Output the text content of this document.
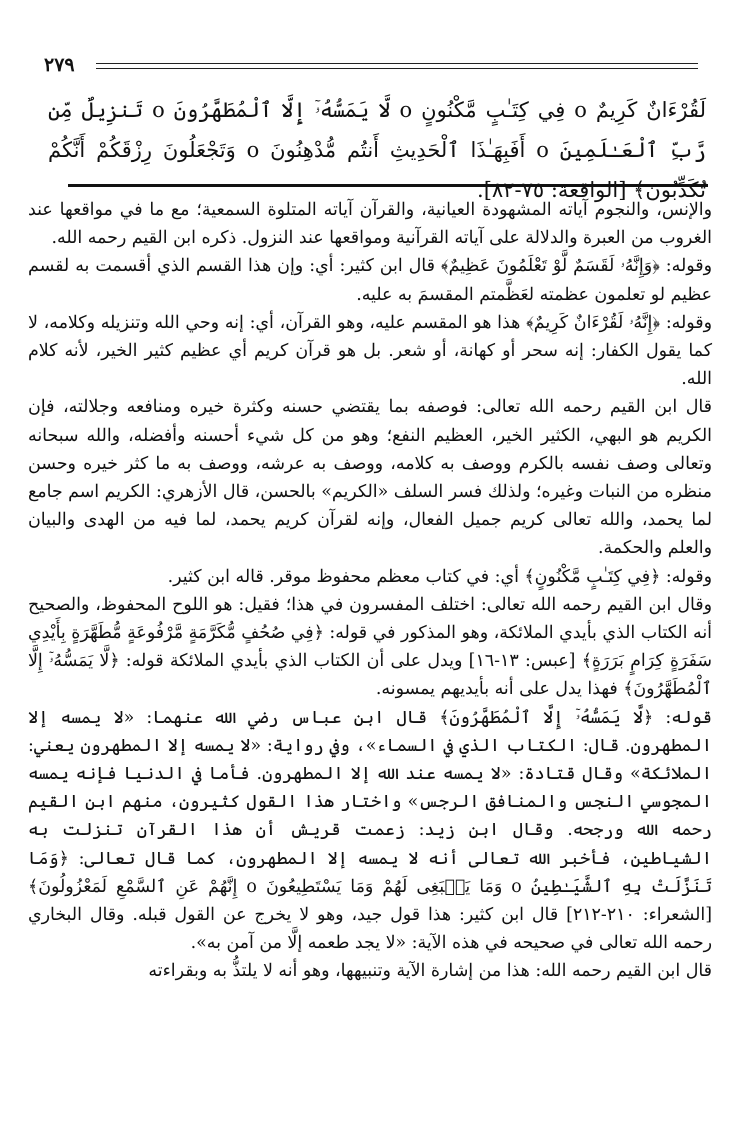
٢٧٩

لَقُرْءَانٌ كَرِيمٌ o فِي كِتَـٰبٍ مَّكْنُونٍ o لَّا يَمَسُّهُۥٓ إِلَّا ٱلْمُطَهَّرُونَ o تَنزِيلٌ مِّن رَّبِّ ٱلْعَـٰلَمِينَ o أَفَبِهَـٰذَا ٱلْحَدِيثِ أَنتُم مُّدْهِنُونَ o وَتَجْعَلُونَ رِزْقَكُمْ أَنَّكُمْ تُكَذِّبُونَ﴾ [الواقعة: ٧٥-٨٢].

والإنس، والنجوم آياته المشهودة العيانية، والقرآن آياته المتلوة السمعية؛ مع ما في مواقعها عند الغروب من العبرة والدلالة على آياته القرآنية ومواقعها عند النزول. ذكره ابن القيم رحمه الله.

وقوله: ﴿وَإِنَّهُۥ لَقَسَمٌ لَّوْ تَعْلَمُونَ عَظِيمٌ﴾ قال ابن كثير: أي: وإن هذا القسم الذي أقسمت به لقسم عظيم لو تعلمون عظمته لعَظَّمتم المقسمَ به عليه.

وقوله: ﴿إِنَّهُۥ لَقُرْءَانٌ كَرِيمٌ﴾ هذا هو المقسم عليه، وهو القرآن، أي: إنه وحي الله وتنزيله وكلامه، لا كما يقول الكفار: إنه سحر أو كهانة، أو شعر. بل هو قرآن كريم أي عظيم كثير الخير، لأنه كلام الله.

قال ابن القيم رحمه الله تعالى: فوصفه بما يقتضي حسنه وكثرة خيره ومنافعه وجلالته، فإن الكريم هو البهي، الكثير الخير، العظيم النفع؛ وهو من كل شيء أحسنه وأفضله، والله سبحانه وتعالى وصف نفسه بالكرم ووصف به كلامه، ووصف به عرشه، ووصف به ما كثر خيره وحسن منظره من النبات وغيره؛ ولذلك فسر السلف «الكريم» بالحسن، قال الأزهري: الكريم اسم جامع لما يحمد، والله تعالى كريم جميل الفعال، وإنه لقرآن كريم يحمد، لما فيه من الهدى والبيان والعلم والحكمة.

وقوله: ﴿فِي كِتَـٰبٍ مَّكْنُونٍ﴾ أي: في كتاب معظم محفوظ موقر. قاله ابن كثير.

وقال ابن القيم رحمه الله تعالى: اختلف المفسرون في هذا؛ فقيل: هو اللوح المحفوظ، والصحيح أنه الكتاب الذي بأيدي الملائكة، وهو المذكور في قوله: ﴿فِي صُحُفٍ مُّكَرَّمَةٍ مَّرْفُوعَةٍ مُّطَهَّرَةٍ بِأَيْدِي سَفَرَةٍ كِرَامٍ بَرَرَةٍ﴾ [عبس: ١٣-١٦] ويدل على أن الكتاب الذي بأيدي الملائكة قوله: ﴿لَّا يَمَسُّهُۥٓ إِلَّا ٱلْمُطَهَّرُونَ﴾ فهذا يدل على أنه بأيديهم يمسونه.

قوله: ﴿لَّا يَمَسُّهُۥٓ إِلَّا ٱلْمُطَهَّرُونَ﴾ قال ابن عباس رضي الله عنهما: «لا يمسه إلا المطهرون. قال: الكتاب الذي في السماء»، وفي رواية: «لا يمسه إلا المطهرون يعني: الملائكة» وقال قتادة: «لا يمسه عند الله إلا المطهرون. فأما في الدنيا فإنه يمسه المجوسي النجس والمنافق الرجس» واختار هذا القول كثيرون، منهم ابن القيم رحمه الله ورجحه. وقال ابن زيد: زعمت قريش أن هذا القرآن تنزلت به الشياطين، فأخبر الله تعالى أنه لا يمسه إلا المطهرون، كما قال تعالى: ﴿وَمَا تَنَزَّلَتْ بِهِ ٱلشَّيَـٰطِينُ o وَمَا يَنۢبَغِى لَهُمْ وَمَا يَسْتَطِيعُونَ o إِنَّهُمْ عَنِ ٱلسَّمْعِ لَمَعْزُولُونَ﴾ [الشعراء: ٢١٠-٢١٢] قال ابن كثير: هذا قول جيد، وهو لا يخرج عن القول قبله. وقال البخاري رحمه الله تعالى في صحيحه في هذه الآية: «لا يجد طعمه إلَّا من آمن به».

قال ابن القيم رحمه الله: هذا من إشارة الآية وتنبيهها، وهو أنه لا يلتذُّ به وبقراءته
